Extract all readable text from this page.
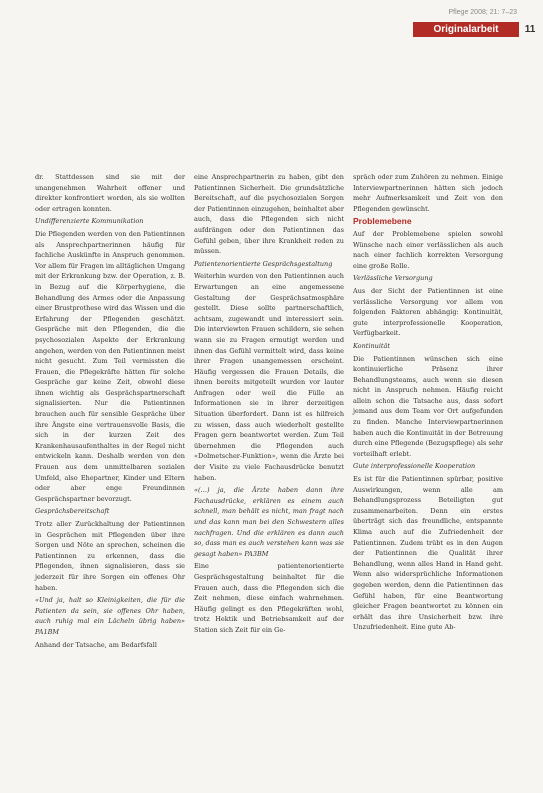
Pflege 2008; 21: 7–23
Originalarbeit	11

dr. Stattdessen sind sie mit der unangenehmen Wahrheit offener und direkter konfrontiert worden, als sie wollten oder ertragen konnten.

Undifferenzierte Kommunikation

Die Pflegenden werden von den Patientinnen als Ansprechpartnerinnen häufig für fachliche Auskünfte in Anspruch genommen. Vor allem für Fragen im alltäglichen Umgang mit der Erkrankung bzw. der Operation, z. B. in Bezug auf die Körperhygiene, die Behandlung des Armes oder die Anpassung einer Brustprothese wird das Wissen und die Erfahrung der Pflegenden geschätzt. Gespräche mit den Pflegenden, die die psychosozialen Aspekte der Erkrankung angehen, werden von den Patientinnen meist nicht gesucht. Zum Teil vermissten die Frauen, die Pflegekräfte hätten für solche Gespräche gar keine Zeit, obwohl diese ihnen wichtig als Gesprächspartnerschaft signalisierten. Nur die Patientinnen brauchen auch für sensible Gespräche über ihre Ängste eine vertrauensvolle Basis, die sich in der kurzen Zeit des Krankenhausaufenthaltes in der Regel nicht entwickeln kann. Deshalb werden von den Frauen aus dem unmittelbaren sozialen Umfeld, also Ehepartner, Kinder und Eltern oder aber enge Freundinnen Gesprächspartner bevorzugt.

Gesprächsbereitschaft

Trotz aller Zurückhaltung der Patientinnen in Gesprächen mit Pflegenden über ihre Sorgen und Nöte an sprechen, scheinen die Patientinnen zu erkennen, dass die Pflegenden, ihnen signalisieren, dass sie jederzeit für ihre Sorgen ein offenes Ohr haben.

«Und ja, halt so Kleinigkeiten, die für die Patienten da sein, sie offenes Ohr haben, auch ruhig mal ein Lächeln übrig haben» PA1BM

Anhand der Tatsache, am Bedarfsfall

eine Ansprechpartnerin zu haben, gibt den Patientinnen Sicherheit. Die grundsätzliche Bereitschaft, auf die psychosozialen Sorgen der Patientinnen einzugehen, beinhaltet aber auch, dass die Pflegenden sich nicht aufdrängen oder den Patientinnen das Gefühl geben, über ihre Krankheit reden zu müssen.

Patientenorientierte Gesprächsgestaltung

Weiterhin wurden von den Patientinnen auch Erwartungen an eine angemessene Gestaltung der Gesprächsatmosphäre gestellt. Diese sollte partnerschaftlich, achtsam, zugewandt und interessiert sein. Die interviewten Frauen schildern, sie sehen wann sie zu Fragen ermutigt werden und ihnen das Gefühl vermittelt wird, dass keine ihrer Fragen unangemessen erscheint. Häufig vergessen die Frauen Details, die ihnen bereits mitgeteilt wurden vor lauter Anfragen oder weil die Fülle an Informationen sie in ihrer derzeitigen Situation überfordert. Dann ist es hilfreich zu wissen, dass auch wiederholt gestellte Fragen gern beantwortet werden. Zum Teil übernehmen die Pflegenden auch «Dolmetscher-Funktion», wenn die Ärzte bei der Visite zu viele Fachausdrücke benutzt haben.

«(…) ja, die Ärzte haben dann ihre Fachausdrücke, erklären es einem auch schnell, man behält es nicht, man fragt nach und das kann man bei den Schwestern alles nachfragen. Und die erklären es dann auch so, dass man es auch verstehen kann was sie gesagt haben» PA3BM

Eine patientenorientierte Gesprächsgestaltung beinhaltet für die Frauen auch, dass die Pflegenden sich die Zeit nehmen, diese einfach wahrnehmen. Häufig gelingt es den Pflegekräften wohl, trotz Hektik und Betriebsamkeit auf der Station sich Zeit für ein Ge-

spräch oder zum Zuhören zu nehmen. Einige Interviewpartnerinnen hätten sich jedoch mehr Aufmerksamkeit und Zeit von den Pflegenden gewünscht.

Problemebene

Auf der Problemebene spielen sowohl Wünsche nach einer verlässlichen als auch nach einer fachlich korrekten Versorgung eine große Rolle.

Verlässliche Versorgung

Aus der Sicht der Patientinnen ist eine verlässliche Versorgung vor allem von folgenden Faktoren abhängig: Kontinuität, gute interprofessionelle Kooperation, Verfügbarkeit.

Kontinuität

Die Patientinnen wünschen sich eine kontinuierliche Präsenz ihrer Behandlungsteams, auch wenn sie diesen nicht in Anspruch nehmen. Häufig reicht allein schon die Tatsache aus, dass sofort jemand aus dem Team vor Ort aufgefunden zu finden. Manche Interviewpartnerinnen haben auch die Kontinuität in der Betreuung durch eine Pflegende (Bezugspflege) als sehr vorteilhaft erlebt.

Gute interprofessionelle Kooperation

Es ist für die Patientinnen spürbar, positive Auswirkungen, wenn alle am Behandlungsprozess Beteiligten gut zusammenarbeiten. Denn ein erstes überträgt sich das freundliche, entspannte Klima auch auf die Zufriedenheit der Patientinnen. Zudem trübt es in den Augen der Patientinnen die Qualität ihrer Behandlung, wenn alles Hand in Hand geht. Wenn also widersprüchliche Informationen gegeben werden, denn die Patientinnen das Gefühl haben, für eine Beantwortung gleicher Fragen beantwortet zu können ein erhält das ihre Unsicherheit bzw. ihre Unzufriedenheit. Eine gute Ab-
